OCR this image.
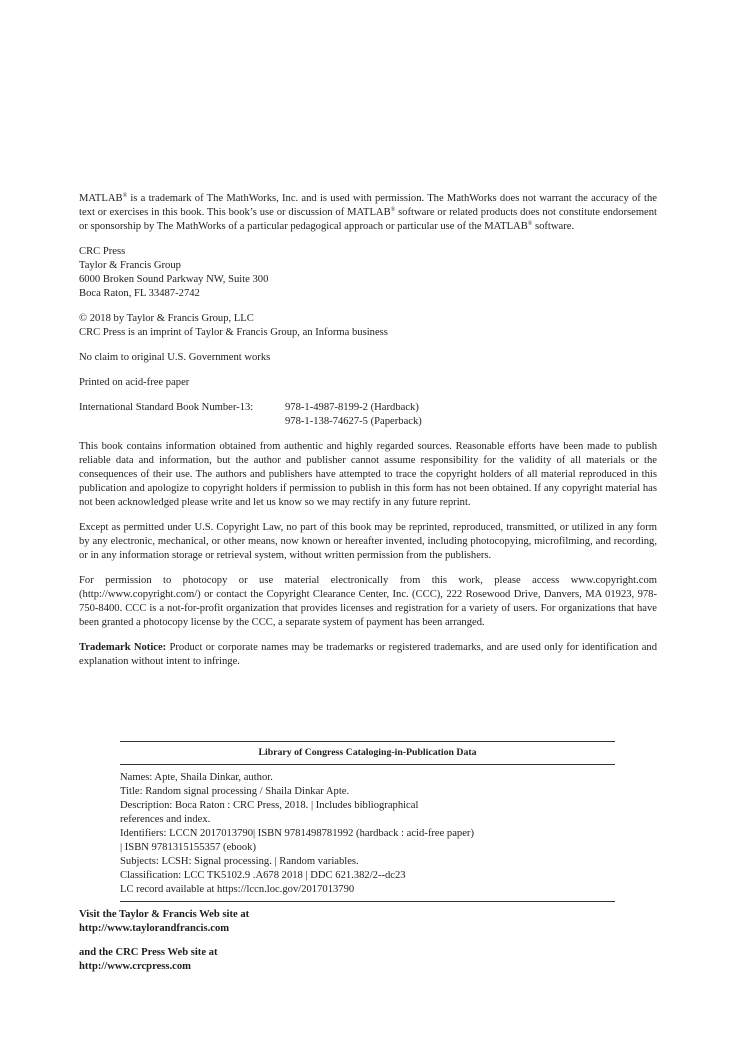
MATLAB® is a trademark of The MathWorks, Inc. and is used with permission. The MathWorks does not warrant the accuracy of the text or exercises in this book. This book’s use or discussion of MATLAB® software or related products does not constitute endorsement or sponsorship by The MathWorks of a particular pedagogical approach or particular use of the MATLAB® software.

CRC Press
Taylor & Francis Group
6000 Broken Sound Parkway NW, Suite 300
Boca Raton, FL 33487-2742
© 2018 by Taylor & Francis Group, LLC
CRC Press is an imprint of Taylor & Francis Group, an Informa business
No claim to original U.S. Government works
Printed on acid-free paper
International Standard Book Number-13:	978-1-4987-8199-2 (Hardback)
978-1-138-74627-5 (Paperback)

This book contains information obtained from authentic and highly regarded sources. Reasonable efforts have been made to publish reliable data and information, but the author and publisher cannot assume responsibility for the validity of all materials or the consequences of their use. The authors and publishers have attempted to trace the copyright holders of all material reproduced in this publication and apologize to copyright holders if permission to publish in this form has not been obtained. If any copyright material has not been acknowledged please write and let us know so we may rectify in any future reprint.

Except as permitted under U.S. Copyright Law, no part of this book may be reprinted, reproduced, transmitted, or utilized in any form by any electronic, mechanical, or other means, now known or hereafter invented, including photocopying, microfilming, and recording, or in any information storage or retrieval system, without written permission from the publishers.

For permission to photocopy or use material electronically from this work, please access www.copyright.com (http://www.copyright.com/) or contact the Copyright Clearance Center, Inc. (CCC), 222 Rosewood Drive, Danvers, MA 01923, 978-750-8400. CCC is a not-for-profit organization that provides licenses and registration for a variety of users. For organizations that have been granted a photocopy license by the CCC, a separate system of payment has been arranged.

Trademark Notice: Product or corporate names may be trademarks or registered trademarks, and are used only for identification and explanation without intent to infringe.

Library of Congress Cataloging-in-Publication Data
Names: Apte, Shaila Dinkar, author.
Title: Random signal processing / Shaila Dinkar Apte.
Description: Boca Raton : CRC Press, 2018. | Includes bibliographical
references and index.
Identifiers: LCCN 2017013790| ISBN 9781498781992 (hardback : acid-free paper)
| ISBN 9781315155357 (ebook)
Subjects: LCSH: Signal processing. | Random variables.
Classification: LCC TK5102.9 .A678 2018 | DDC 621.382/2--dc23
LC record available at https://lccn.loc.gov/2017013790
Visit the Taylor & Francis Web site at
http://www.taylorandfrancis.com
and the CRC Press Web site at
http://www.crcpress.com
